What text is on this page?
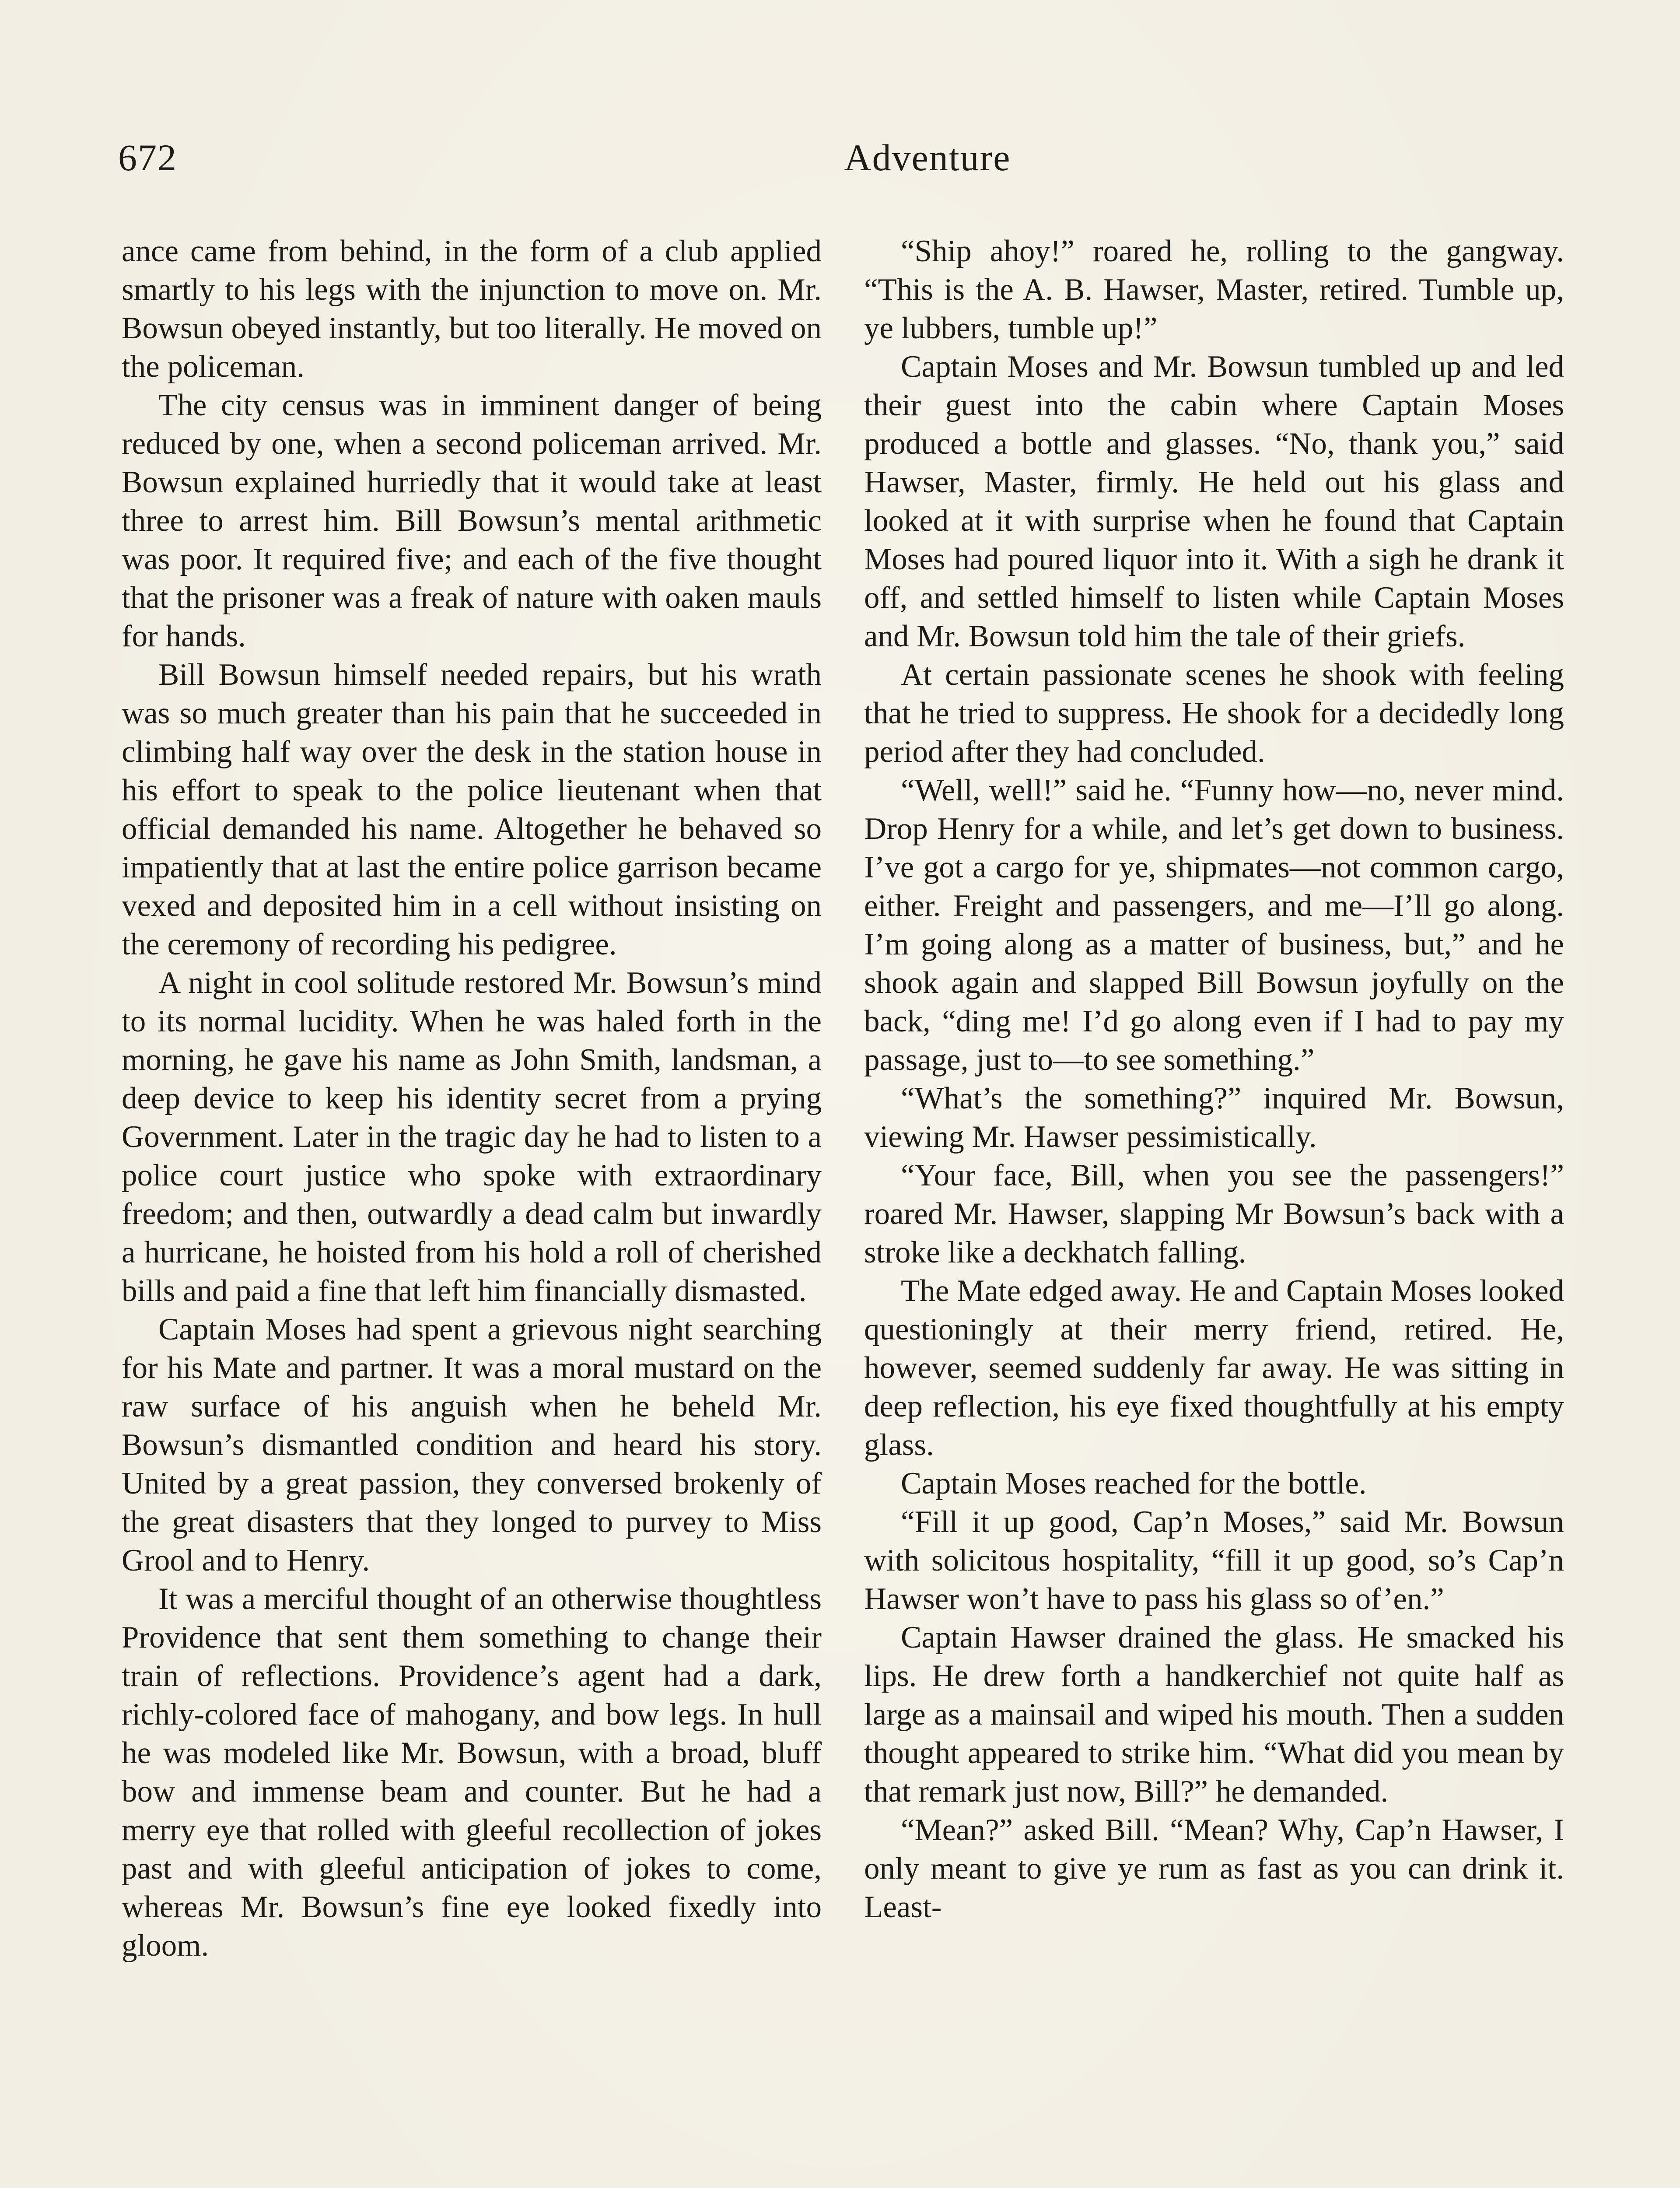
672	Adventure

ance came from behind, in the form of a club applied smartly to his legs with the injunction to move on. Mr. Bowsun obeyed instantly, but too literally. He moved on the policeman.

The city census was in imminent danger of being reduced by one, when a second policeman arrived. Mr. Bowsun explained hurriedly that it would take at least three to arrest him. Bill Bowsun’s mental arithmetic was poor. It required five; and each of the five thought that the prisoner was a freak of nature with oaken mauls for hands.

Bill Bowsun himself needed repairs, but his wrath was so much greater than his pain that he succeeded in climbing half way over the desk in the station house in his effort to speak to the police lieutenant when that official demanded his name. Altogether he behaved so impatiently that at last the entire police garrison became vexed and deposited him in a cell without insisting on the ceremony of recording his pedigree.

A night in cool solitude restored Mr. Bowsun’s mind to its normal lucidity. When he was haled forth in the morning, he gave his name as John Smith, landsman, a deep device to keep his identity secret from a prying Government. Later in the tragic day he had to listen to a police court justice who spoke with extraordinary freedom; and then, outwardly a dead calm but inwardly a hurricane, he hoisted from his hold a roll of cherished bills and paid a fine that left him financially dismasted.

Captain Moses had spent a grievous night searching for his Mate and partner. It was a moral mustard on the raw surface of his anguish when he beheld Mr. Bowsun’s dismantled condition and heard his story. United by a great passion, they conversed brokenly of the great disasters that they longed to purvey to Miss Grool and to Henry.

It was a merciful thought of an otherwise thoughtless Providence that sent them something to change their train of reflections. Providence’s agent had a dark, richly-colored face of mahogany, and bow legs. In hull he was modeled like Mr. Bowsun, with a broad, bluff bow and immense beam and counter. But he had a merry eye that rolled with gleeful recollection of jokes past and with gleeful anticipation of jokes to come, whereas Mr. Bowsun’s fine eye looked fixedly into gloom.

“Ship ahoy!” roared he, rolling to the gangway. “This is the A. B. Hawser, Master, retired. Tumble up, ye lubbers, tumble up!”

Captain Moses and Mr. Bowsun tumbled up and led their guest into the cabin where Captain Moses produced a bottle and glasses. “No, thank you,” said Hawser, Master, firmly. He held out his glass and looked at it with surprise when he found that Captain Moses had poured liquor into it. With a sigh he drank it off, and settled himself to listen while Captain Moses and Mr. Bowsun told him the tale of their griefs.

At certain passionate scenes he shook with feeling that he tried to suppress. He shook for a decidedly long period after they had concluded.

“Well, well!” said he. “Funny how—no, never mind. Drop Henry for a while, and let’s get down to business. I’ve got a cargo for ye, shipmates—not common cargo, either. Freight and passengers, and me—I’ll go along. I’m going along as a matter of business, but,” and he shook again and slapped Bill Bowsun joyfully on the back, “ding me! I’d go along even if I had to pay my passage, just to—to see something.”

“What’s the something?” inquired Mr. Bowsun, viewing Mr. Hawser pessimistically.

“Your face, Bill, when you see the passengers!” roared Mr. Hawser, slapping Mr Bowsun’s back with a stroke like a deckhatch falling.

The Mate edged away. He and Captain Moses looked questioningly at their merry friend, retired. He, however, seemed suddenly far away. He was sitting in deep reflection, his eye fixed thoughtfully at his empty glass.

Captain Moses reached for the bottle.

“Fill it up good, Cap’n Moses,” said Mr. Bowsun with solicitous hospitality, “fill it up good, so’s Cap’n Hawser won’t have to pass his glass so of’en.”

Captain Hawser drained the glass. He smacked his lips. He drew forth a handkerchief not quite half as large as a mainsail and wiped his mouth. Then a sudden thought appeared to strike him. “What did you mean by that remark just now, Bill?” he demanded.

“Mean?” asked Bill. “Mean? Why, Cap’n Hawser, I only meant to give ye rum as fast as you can drink it. Least-
